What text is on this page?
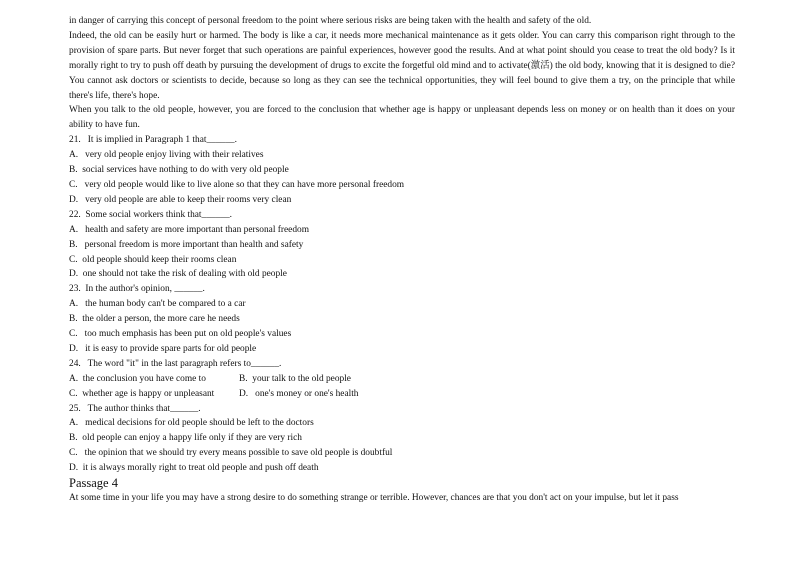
in danger of carrying this concept of personal freedom to the point where serious risks are being taken with the health and safety of the old.

Indeed, the old can be easily hurt or harmed. The body is like a car, it needs more mechanical maintenance as it gets older. You can carry this comparison right through to the provision of spare parts. But never forget that such operations are painful experiences, however good the results. And at what point should you cease to treat the old body? Is it morally right to try to push off death by pursuing the development of drugs to excite the forgetful old mind and to activate(激活) the old body, knowing that it is designed to die? You cannot ask doctors or scientists to decide, because so long as they can see the technical opportunities, they will feel bound to give them a try, on the principle that while there's life, there's hope.

When you talk to the old people, however, you are forced to the conclusion that whether age is happy or unpleasant depends less on money or on health than it does on your ability to have fun.

21.   It is implied in Paragraph 1 that______.

A.   very old people enjoy living with their relatives

B.  social services have nothing to do with very old people

C.   very old people would like to live alone so that they can have more personal freedom

D.   very old people are able to keep their rooms very clean

22.  Some social workers think that______.

A.   health and safety are more important than personal freedom

B.   personal freedom is more important than health and safety

C.  old people should keep their rooms clean

D.  one should not take the risk of dealing with old people

23.  In the author's opinion, ______.

A.   the human body can't be compared to a car

B.  the older a person, the more care he needs

C.   too much emphasis has been put on old people's values

D.   it is easy to provide spare parts for old people

24.   The word "it" in the last paragraph refers to______.

A.  the conclusion you have come to	B.  your talk to the old people
C.  whether age is happy or unpleasant	D.   one's money or one's health

25.   The author thinks that______.

A.   medical decisions for old people should be left to the doctors

B.  old people can enjoy a happy life only if they are very rich

C.   the opinion that we should try every means possible to save old people is doubtful

D.  it is always morally right to treat old people and push off death

Passage 4

At some time in your life you may have a strong desire to do something strange or terrible. However, chances are that you don't act on your impulse, but let it pass
